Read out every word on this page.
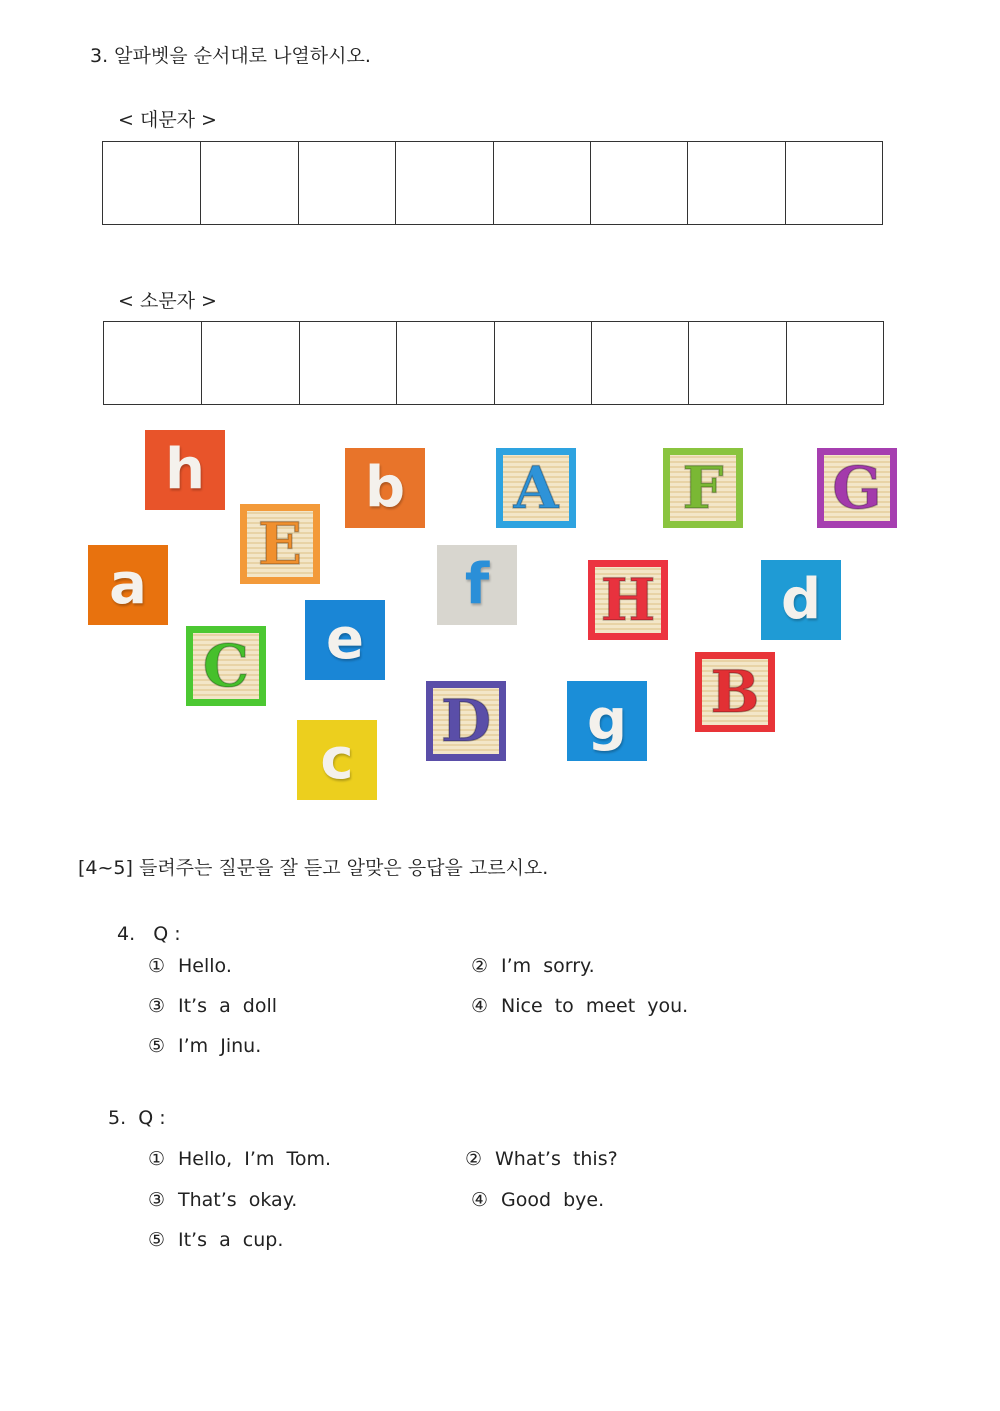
3. 알파벳을 순서대로 나열하시오.
< 대문자 >
< 소문자 >
h	b A F G
E
a	f H d
e
C	B
D g
c
[4~5] 들려주는 질문을 잘 듣고 알맞은 응답을 고르시오.
4.   Q :
① Hello.	② I’m  sorry.
③ It’s  a  doll	④ Nice  to  meet  you.
⑤ I’m  Jinu.
5.  Q :
① Hello,  I’m  Tom.	② What’s  this?
③ That’s  okay.	④ Good  bye.
⑤ It’s  a  cup.
